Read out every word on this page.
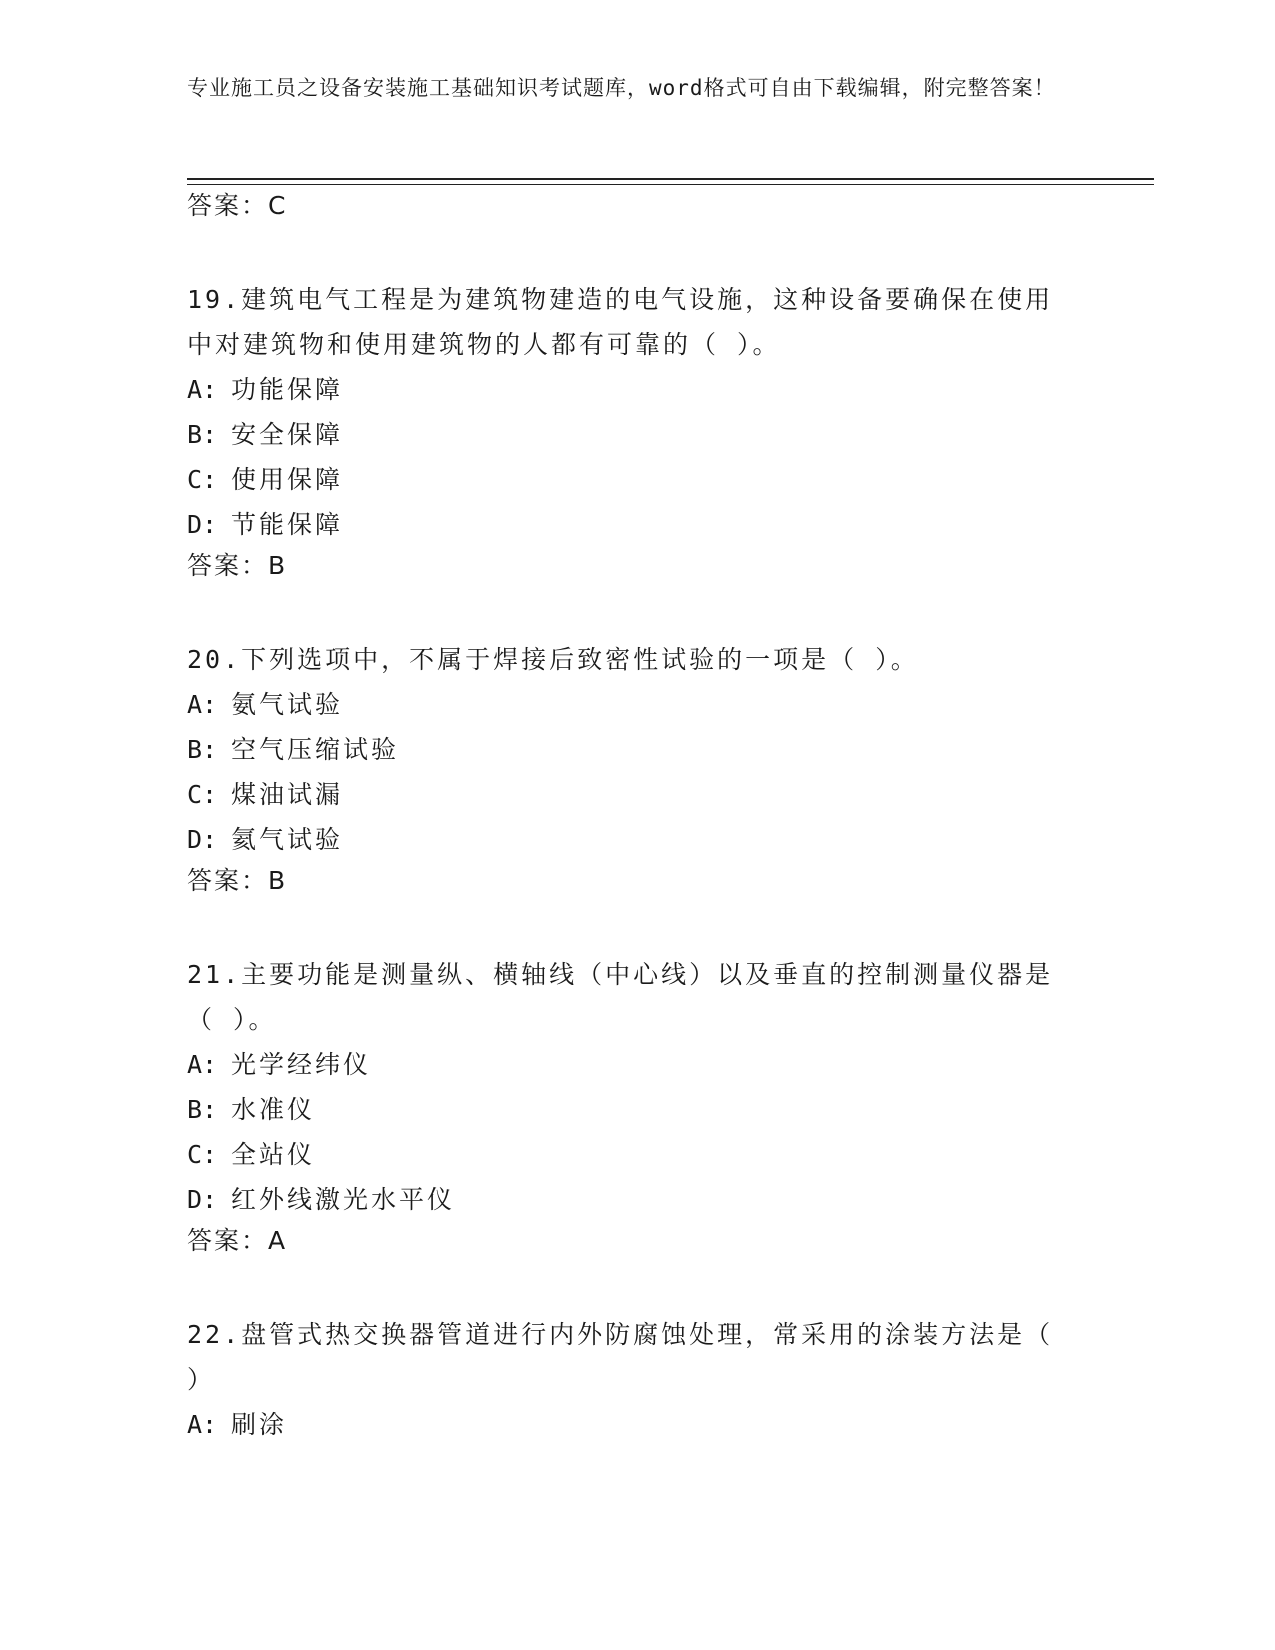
专业施工员之设备安装施工基础知识考试题库，word格式可自由下载编辑，附完整答案！
答案：C
19.建筑电气工程是为建筑物建造的电气设施，这种设备要确保在使用中对建筑物和使用建筑物的人都有可靠的（ ）。
A: 功能保障
B: 安全保障
C: 使用保障
D: 节能保障
答案：B
20.下列选项中，不属于焊接后致密性试验的一项是（ ）。
A: 氨气试验
B: 空气压缩试验
C: 煤油试漏
D: 氦气试验
答案：B
21.主要功能是测量纵、横轴线（中心线）以及垂直的控制测量仪器是（ ）。
A: 光学经纬仪
B: 水准仪
C: 全站仪
D: 红外线激光水平仪
答案：A
22.盘管式热交换器管道进行内外防腐蚀处理，常采用的涂装方法是（ ）
A: 刷涂
